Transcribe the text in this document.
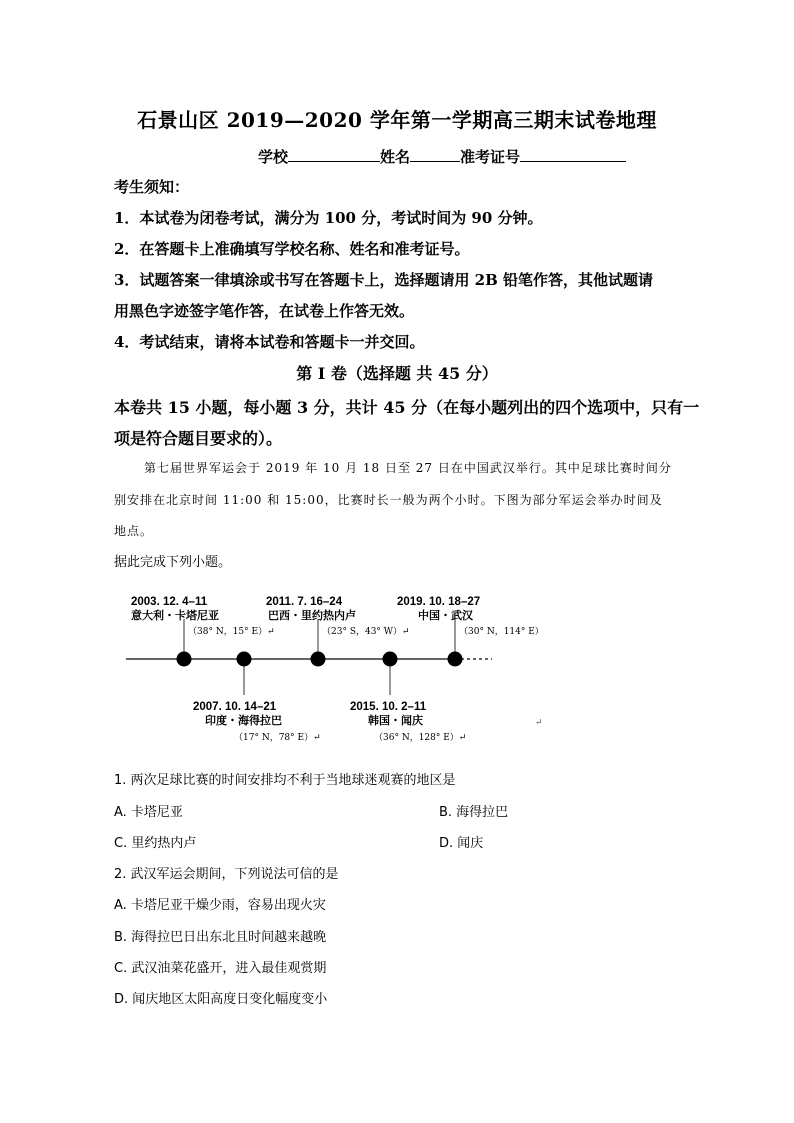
石景山区 2019—2020 学年第一学期高三期末试卷地理
学校	姓名	准考证号
考生须知：
1．本试卷为闭卷考试，满分为 100 分，考试时间为 90 分钟。
2．在答题卡上准确填写学校名称、姓名和准考证号。
3．试题答案一律填涂或书写在答题卡上，选择题请用 2B 铅笔作答，其他试题请
用黑色字迹签字笔作答，在试卷上作答无效。
4．考试结束，请将本试卷和答题卡一并交回。
第 I 卷（选择题 共 45 分）
本卷共 15 小题，每小题 3 分，共计 45 分（在每小题列出的四个选项中，只有一
项是符合题目要求的）。
第七届世界军运会于 2019 年 10 月 18 日至 27 日在中国武汉举行。其中足球比赛时间分
别安排在北京时间 11:00 和 15:00，比赛时长一般为两个小时。下图为部分军运会举办时间及
地点。
据此完成下列小题。
2003. 12. 4–11
意大利・卡塔尼亚
（38° N，15° E）↵
2011. 7. 16–24
巴西・里约热内卢
（23° S，43° W）↵
2019. 10. 18–27
中国・武汉
（30° N，114° E）
2007. 10. 14–21
印度・海得拉巴
（17° N，78° E）↵
2015. 10. 2–11
韩国・闻庆
（36° N，128° E）↵
↵
1. 两次足球比赛的时间安排均不利于当地球迷观赛的地区是
A. 卡塔尼亚	B. 海得拉巴
C. 里约热内卢	D. 闻庆
2. 武汉军运会期间，下列说法可信的是
A. 卡塔尼亚干燥少雨，容易出现火灾
B. 海得拉巴日出东北且时间越来越晚
C. 武汉油菜花盛开，进入最佳观赏期
D. 闻庆地区太阳高度日变化幅度变小
